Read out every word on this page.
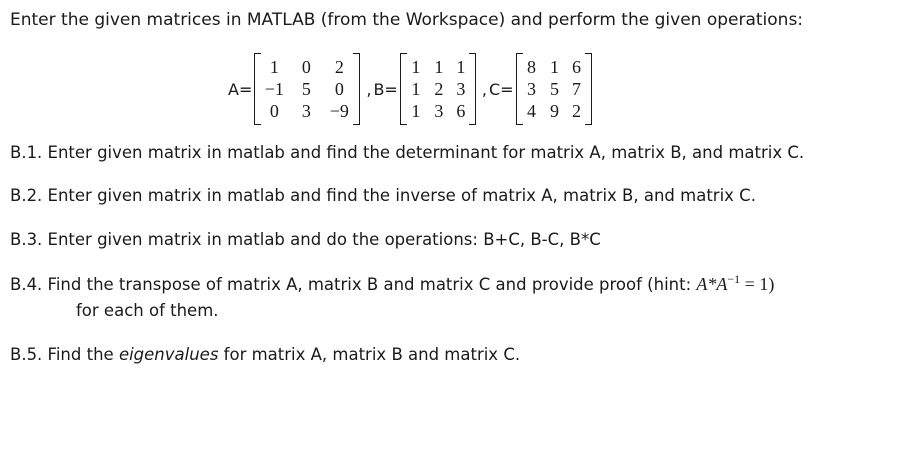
Enter the given matrices in MATLAB (from the Workspace) and perform the given operations:
A=
1	0	2
−1 5	0
0	3	−9
, B=
1 1 1
1 2 3
1 3 6
, C=
8 1 6
3 5 7
4 9 2
B.1. Enter given matrix in matlab and find the determinant for matrix A, matrix B, and matrix C.
B.2. Enter given matrix in matlab and find the inverse of matrix A, matrix B, and matrix C.
B.3. Enter given matrix in matlab and do the operations: B+C, B-C, B*C
B.4. Find the transpose of matrix A, matrix B and matrix C and provide proof (hint: $A*A^{-1} = 1$)
for each of them.
B.5. Find the eigenvalues for matrix A, matrix B and matrix C.
